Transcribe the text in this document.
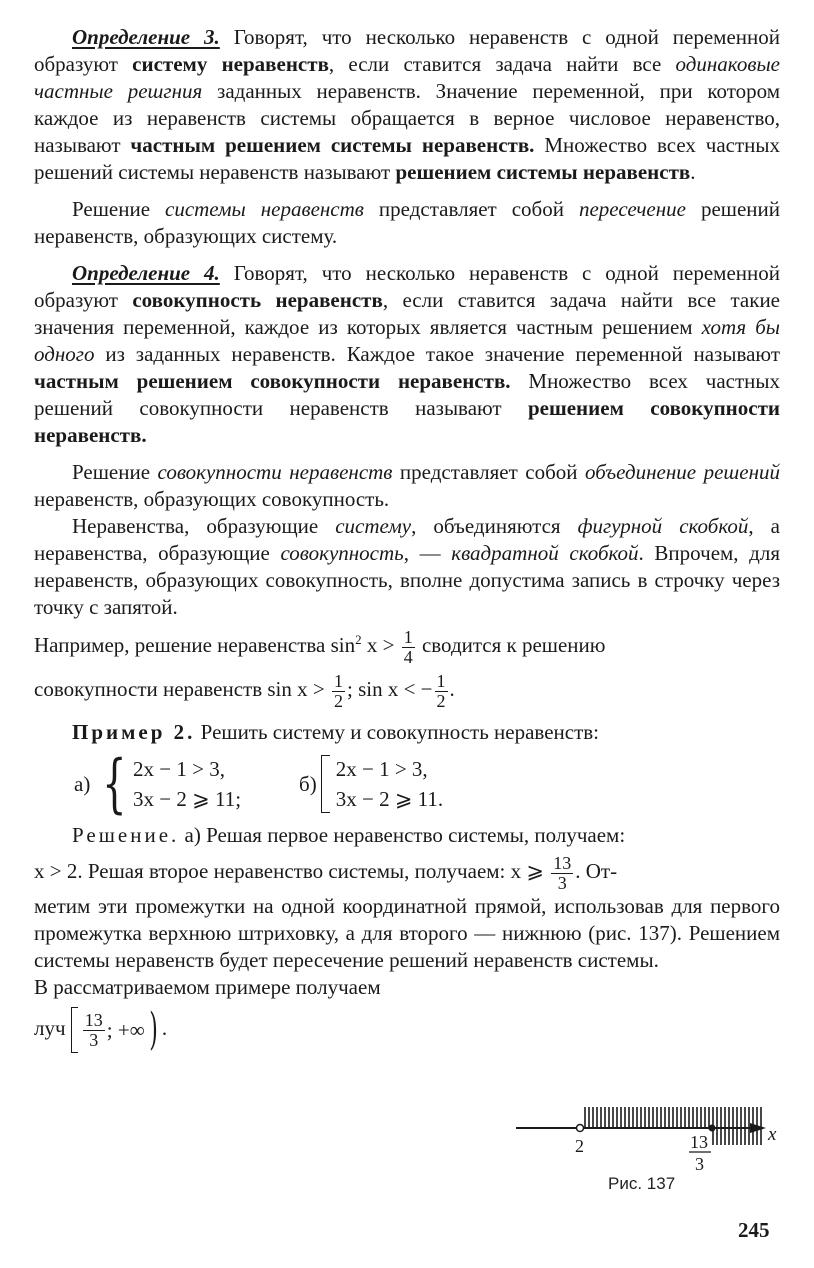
Определение 3. Говорят, что несколько неравенств с одной переменной образуют систему неравенств, если ставится задача найти все одинаковые частные решгния заданных неравенств. Значение переменной, при котором каждое из неравенств системы обращается в верное числовое неравенство, называют частным решением системы неравенств. Множество всех частных решений системы неравенств называют решением системы неравенств.

Решение системы неравенств представляет собой пересечение решений неравенств, образующих систему.

Определение 4. Говорят, что несколько неравенств с одной переменной образуют совокупность неравенств, если ставится задача найти все такие значения переменной, каждое из которых является частным решением хотя бы одного из заданных неравенств. Каждое такое значение переменной называют частным решением совокупности неравенств. Множество всех частных решений совокупности неравенств называют решением совокупности неравенств.

Решение совокупности неравенств представляет собой объединение решений неравенств, образующих совокупность.

Неравенства, образующие систему, объединяются фигурной скобкой, а неравенства, образующие совокупность, — квадратной скобкой. Впрочем, для неравенств, образующих совокупность, вполне допустима запись в строчку через точку с запятой.

Например, решение неравенства $\sin^2 x > \frac{1}{4}$ сводится к решению
совокупности неравенств $\sin x > \frac{1}{2}$ ; sin x < − $\frac{1}{2}$ .

Пример 2. Решить систему и совокупность неравенств:

а) { 2x − 1 > 3,
3x − 2 ⩾ 11;
б)
2x − 1 > 3,
3x − 2 ⩾ 11.

Решение. а) Решая первое неравенство системы, получаем:

x > 2. Решая второе неравенство системы, получаем: x ⩾ $\frac{13}{3}$ . От-

метим эти промежутки на одной координатной прямой, использовав для первого промежутка верхнюю штриховку, а для второго — нижнюю (рис. 137). Решением системы неравенств будет пересечение решений неравенств системы.

В рассматриваемом примере получаем

луч $\frac{13}{3}$ ; +∞ ) .

2	13
3
x
Рис. 137
245
